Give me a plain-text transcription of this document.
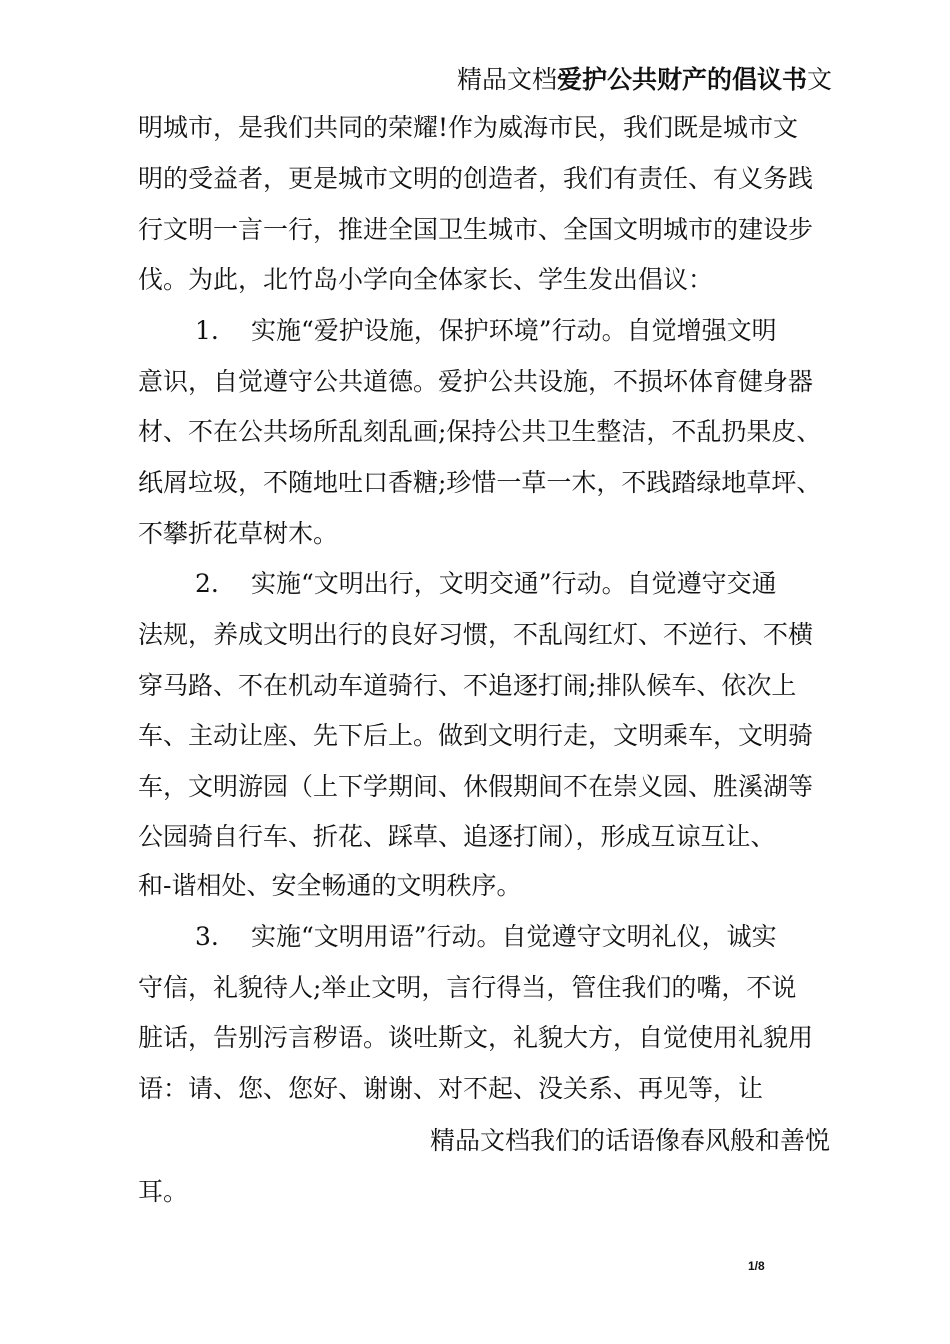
精品文档爱护公共财产的倡议书文
明城市，是我们共同的荣耀!作为威海市民，我们既是城市文
明的受益者，更是城市文明的创造者，我们有责任、有义务践
行文明一言一行，推进全国卫生城市、全国文明城市的建设步
伐。为此，北竹岛小学向全体家长、学生发出倡议：
1. 实施“爱护设施，保护环境”行动。自觉增强文明
意识，自觉遵守公共道德。爱护公共设施，不损坏体育健身器
材、不在公共场所乱刻乱画;保持公共卫生整洁，不乱扔果皮、
纸屑垃圾，不随地吐口香糖;珍惜一草一木，不践踏绿地草坪、
不攀折花草树木。
2. 实施“文明出行，文明交通”行动。自觉遵守交通
法规，养成文明出行的良好习惯，不乱闯红灯、不逆行、不横
穿马路、不在机动车道骑行、不追逐打闹;排队候车、依次上
车、主动让座、先下后上。做到文明行走，文明乘车，文明骑
车，文明游园（上下学期间、休假期间不在崇义园、胜溪湖等
公园骑自行车、折花、踩草、追逐打闹），形成互谅互让、
和-谐相处、安全畅通的文明秩序。
3. 实施“文明用语”行动。自觉遵守文明礼仪，诚实
守信，礼貌待人;举止文明，言行得当，管住我们的嘴，不说
脏话，告别污言秽语。谈吐斯文，礼貌大方，自觉使用礼貌用
语：请、您、您好、谢谢、对不起、没关系、再见等，让
精品文档我们的话语像春风般和善悦
耳。
1/8
